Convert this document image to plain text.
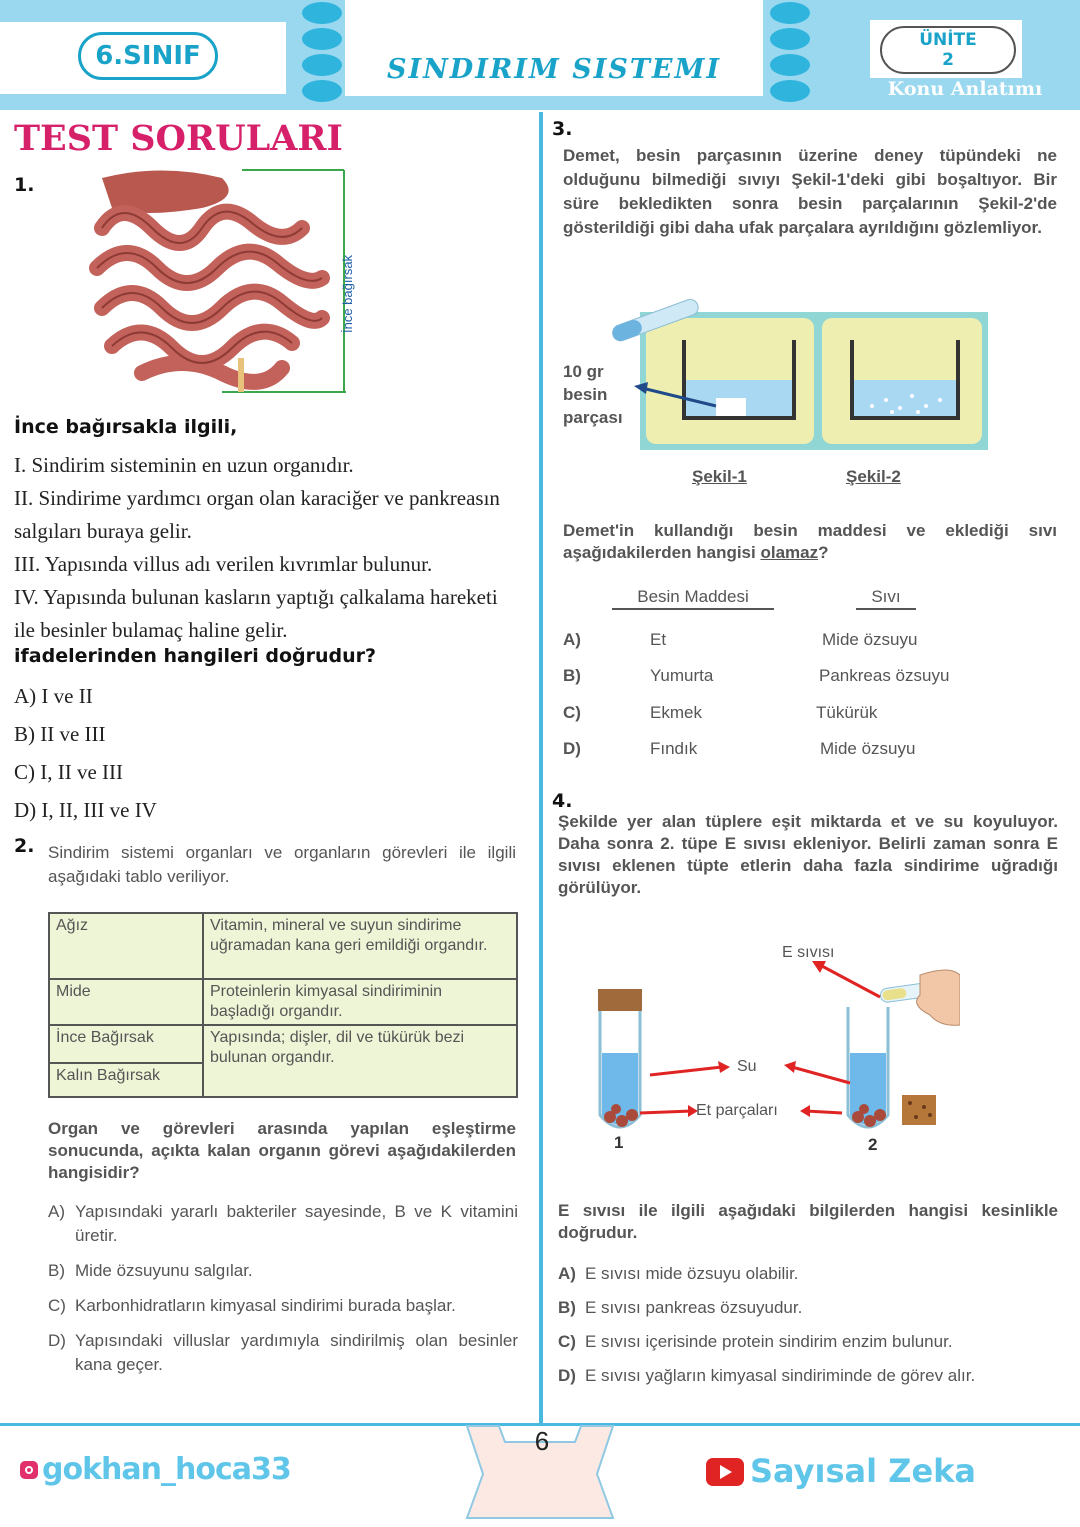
6.SINIF	SINDIRIM SISTEMI
ÜNİTE
2
Konu Anlatımı
TEST SORULARI
1.
İnce bağırsak
İnce bağırsakla ilgili,
I. Sindirim sisteminin en uzun organıdır.
II. Sindirime yardımcı organ olan karaciğer ve pankreasın salgıları buraya gelir.
III. Yapısında villus adı verilen kıvrımlar bulunur.
IV. Yapısında bulunan kasların yaptığı çalkalama hareketi ile besinler bulamaç haline gelir.
ifadelerinden hangileri doğrudur?
A) I ve II
B) II ve III
C) I, II ve III
D) I, II, III ve IV
2. Sindirim sistemi organları ve organların görevleri ile ilgili aşağıdaki tablo veriliyor.
Ağız	Vitamin, mineral ve suyun sindirime uğramadan kana geri emildiği organdır.
Mide	Proteinlerin kimyasal sindiriminin başladığı organdır.
İnce Bağırsak	Yapısında; dişler, dil ve tükürük bezi bulunan organdır.
Kalın Bağırsak	
Organ ve görevleri arasında yapılan eşleştirme sonucunda, açıkta kalan organın görevi aşağıdakilerden hangisidir?
A) Yapısındaki yararlı bakteriler sayesinde, B ve K vitamini üretir.
B) Mide özsuyunu salgılar.
C) Karbonhidratların kimyasal sindirimi burada başlar.
D) Yapısındaki villuslar yardımıyla sindirilmiş olan besinler kana geçer.
3.
Demet, besin parçasının üzerine deney tüpündeki ne olduğunu bilmediği sıvıyı Şekil-1'deki gibi boşaltıyor. Bir süre bekledikten sonra besin parçalarının Şekil-2'de gösterildiği gibi daha ufak parçalara ayrıldığını gözlemliyor.
10 gr besin parçası
Şekil-1	Şekil-2
Demet'in kullandığı besin maddesi ve eklediği sıvı aşağıdakilerden hangisi olamaz?
Besin Maddesi	Sıvı
A)	Et	Mide özsuyu
B)	Yumurta	Pankreas özsuyu
C)	Ekmek	Tükürük
D)	Fındık	Mide özsuyu
4.
Şekilde yer alan tüplere eşit miktarda et ve su koyuluyor. Daha sonra 2. tüpe E sıvısı ekleniyor. Belirli zaman sonra E sıvısı eklenen tüpte etlerin daha fazla sindirime uğradığı görülüyor.
E sıvısı
Su
Et parçaları
1	2
E sıvısı ile ilgili aşağıdaki bilgilerden hangisi kesinlikle doğrudur.
A) E sıvısı mide özsuyu olabilir.
B) E sıvısı pankreas özsuyudur.
C) E sıvısı içerisinde protein sindirim enzim bulunur.
D) E sıvısı yağların kimyasal sindiriminde de görev alır.
6
gokhan_hoca33	Sayısal Zeka
